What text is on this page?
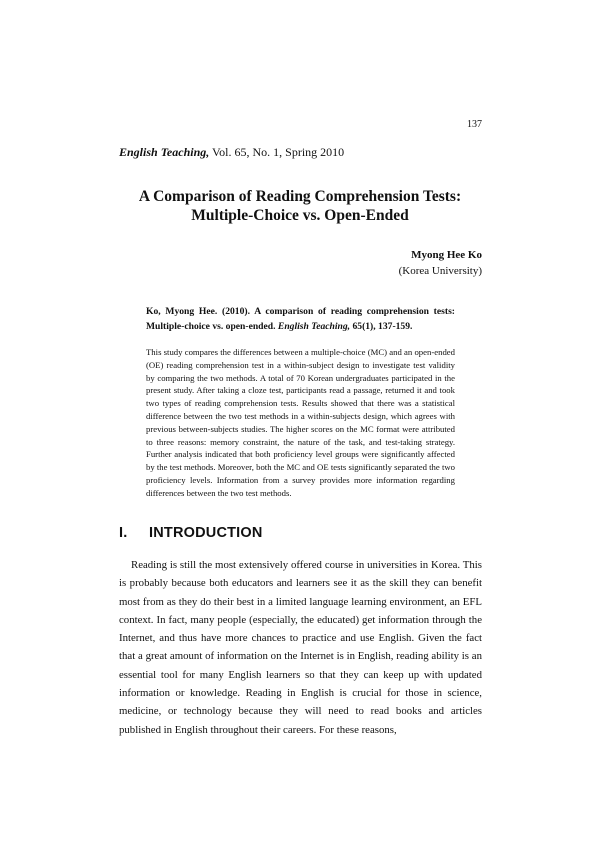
137
English Teaching, Vol. 65, No. 1, Spring 2010
A Comparison of Reading Comprehension Tests:
Multiple-Choice vs. Open-Ended
Myong Hee Ko
(Korea University)
Ko, Myong Hee. (2010). A comparison of reading comprehension tests: Multiple-choice vs. open-ended. English Teaching, 65(1), 137-159.
This study compares the differences between a multiple-choice (MC) and an open-ended (OE) reading comprehension test in a within-subject design to investigate test validity by comparing the two methods. A total of 70 Korean undergraduates participated in the present study. After taking a cloze test, participants read a passage, returned it and took two types of reading comprehension tests. Results showed that there was a statistical difference between the two test methods in a within-subjects design, which agrees with previous between-subjects studies. The higher scores on the MC format were attributed to three reasons: memory constraint, the nature of the task, and test-taking strategy. Further analysis indicated that both proficiency level groups were significantly affected by the test methods. Moreover, both the MC and OE tests significantly separated the two proficiency levels. Information from a survey provides more information regarding differences between the two test methods.
I. INTRODUCTION
Reading is still the most extensively offered course in universities in Korea. This is probably because both educators and learners see it as the skill they can benefit most from as they do their best in a limited language learning environment, an EFL context. In fact, many people (especially, the educated) get information through the Internet, and thus have more chances to practice and use English. Given the fact that a great amount of information on the Internet is in English, reading ability is an essential tool for many English learners so that they can keep up with updated information or knowledge. Reading in English is crucial for those in science, medicine, or technology because they will need to read books and articles published in English throughout their careers. For these reasons,
